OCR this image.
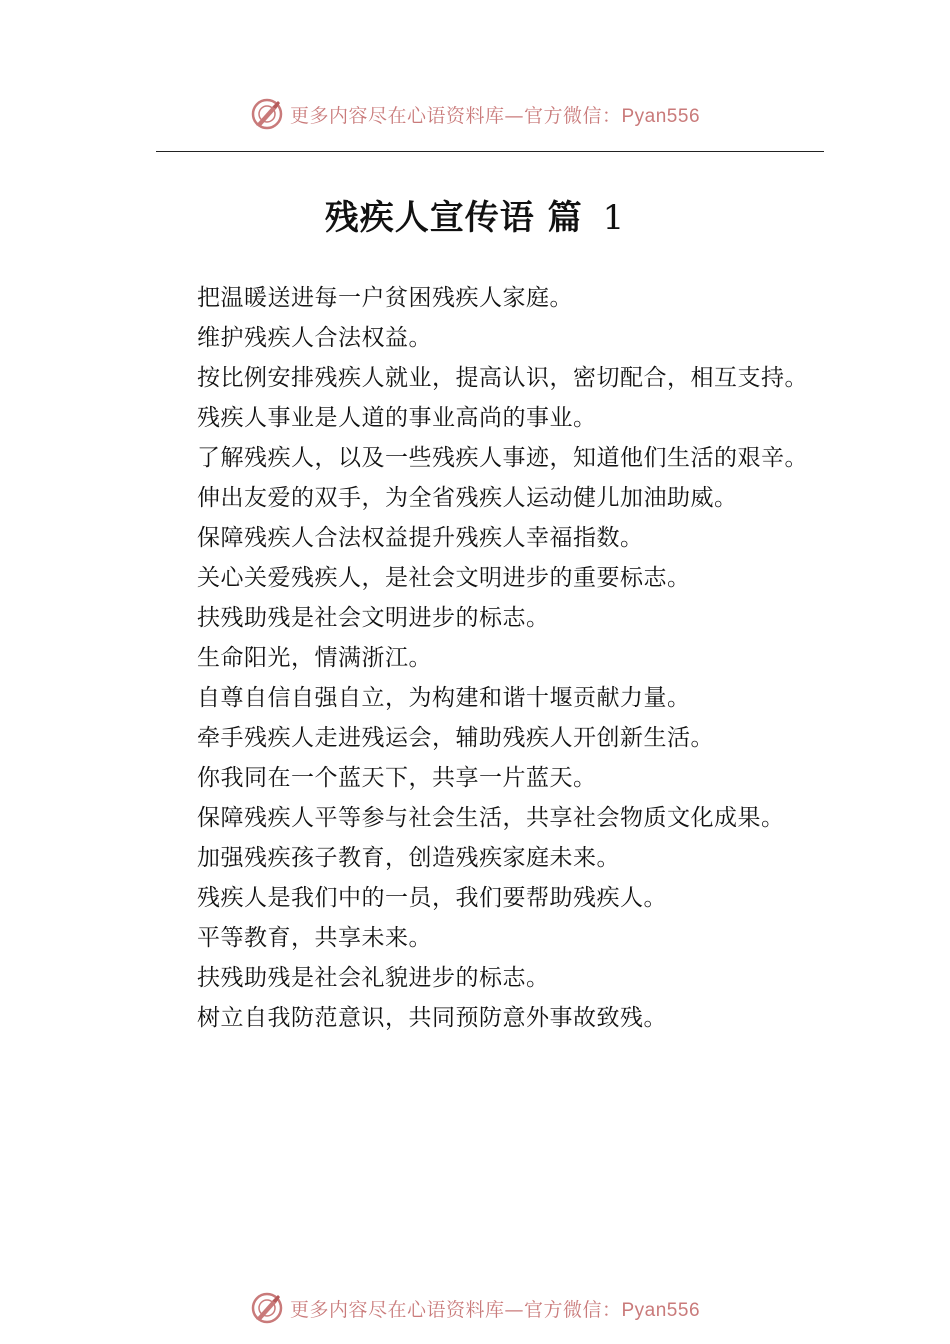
更多内容尽在心语资料库—官方微信：Pyan556
残疾人宣传语 篇 1

把温暖送进每一户贫困残疾人家庭。

维护残疾人合法权益。

按比例安排残疾人就业，提高认识，密切配合，相互支持。

残疾人事业是人道的事业高尚的事业。

了解残疾人，以及一些残疾人事迹，知道他们生活的艰辛。

伸出友爱的双手，为全省残疾人运动健儿加油助威。

保障残疾人合法权益提升残疾人幸福指数。

关心关爱残疾人，是社会文明进步的重要标志。

扶残助残是社会文明进步的标志。

生命阳光，情满浙江。

自尊自信自强自立，为构建和谐十堰贡献力量。

牵手残疾人走进残运会，辅助残疾人开创新生活。

你我同在一个蓝天下，共享一片蓝天。

保障残疾人平等参与社会生活，共享社会物质文化成果。

加强残疾孩子教育，创造残疾家庭未来。

残疾人是我们中的一员，我们要帮助残疾人。

平等教育，共享未来。

扶残助残是社会礼貌进步的标志。

树立自我防范意识，共同预防意外事故致残。

更多内容尽在心语资料库—官方微信：Pyan556
